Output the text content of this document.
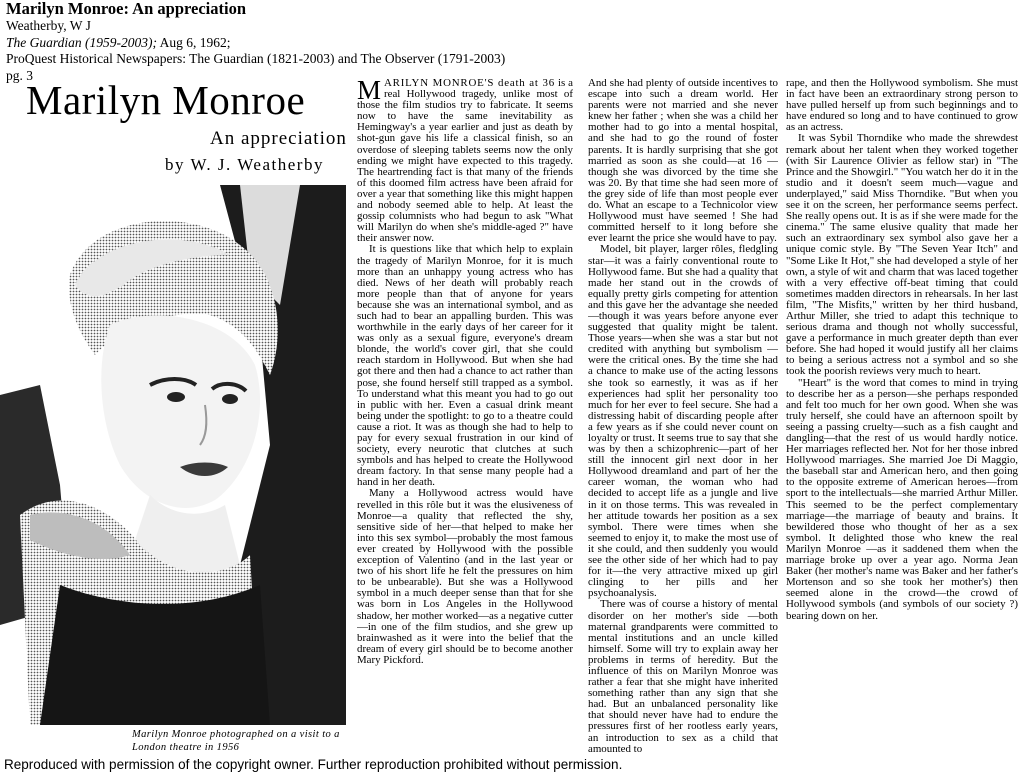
Marilyn Monroe: An appreciation
Weatherby, W J
The Guardian (1959-2003); Aug 6, 1962;
ProQuest Historical Newspapers: The Guardian (1821-2003) and The Observer (1791-2003)
pg. 3
Marilyn Monroe
An appreciation
by W. J. Weatherby
Marilyn Monroe photographed on a visit to a London theatre in 1956

MARILYN MONROE'S death at 36 is a real Hollywood tragedy, unlike most of those the film studios try to fabricate. It seems now to have the same inevitability as Hemingway's a year earlier and just as death by shot-gun gave his life a classical finish, so an overdose of sleeping tablets seems now the only ending we might have expected to this tragedy. The heartrending fact is that many of the friends of this doomed film actress have been afraid for over a year that something like this might happen and nobody seemed able to help. At least the gossip columnists who had begun to ask "What will Marilyn do when she's middle-aged ?" have their answer now.

It is questions like that which help to explain the tragedy of Marilyn Monroe, for it is much more than an unhappy young actress who has died. News of her death will probably reach more people than that of anyone for years because she was an international symbol, and as such had to bear an appalling burden. This was worthwhile in the early days of her career for it was only as a sexual figure, everyone's dream blonde, the world's cover girl, that she could reach stardom in Hollywood. But when she had got there and then had a chance to act rather than pose, she found herself still trapped as a symbol. To understand what this meant you had to go out in public with her. Even a casual drink meant being under the spotlight: to go to a theatre could cause a riot. It was as though she had to help to pay for every sexual frustration in our kind of society, every neurotic that clutches at such symbols and has helped to create the Hollywood dream factory. In that sense many people had a hand in her death.

Many a Hollywood actress would have revelled in this rôle but it was the elusiveness of Monroe—a quality that reflected the shy, sensitive side of her—that helped to make her into this sex symbol—probably the most famous ever created by Hollywood with the possible exception of Valentino (and in the last year or two of his short life he felt the pressures on him to be unbearable). But she was a Hollywood symbol in a much deeper sense than that for she was born in Los Angeles in the Hollywood shadow, her mother worked—as a negative cutter—in one of the film studios, and she grew up brainwashed as it were into the belief that the dream of every girl should be to become another Mary Pickford.

And she had plenty of outside incentives to escape into such a dream world. Her parents were not married and she never knew her father ; when she was a child her mother had to go into a mental hospital, and she had to go the round of foster parents. It is hardly surprising that she got married as soon as she could—at 16 —though she was divorced by the time she was 20. By that time she had seen more of the grey side of life than most people ever do. What an escape to a Technicolor view Hollywood must have seemed ! She had committed herself to it long before she ever learnt the price she would have to pay.

Model, bit player, larger rôles, fledgling star—it was a fairly conventional route to Hollywood fame. But she had a quality that made her stand out in the crowds of equally pretty girls competing for attention and this gave her the advantage she needed—though it was years before anyone ever suggested that quality might be talent. Those years—when she was a star but not credited with anything but symbolism —were the critical ones. By the time she had a chance to make use of the acting lessons she took so earnestly, it was as if her experiences had split her personality too much for her ever to feel secure. She had a distressing habit of discarding people after a few years as if she could never count on loyalty or trust. It seems true to say that she was by then a schizophrenic—part of her still the innocent girl next door in her Hollywood dreamland and part of her the career woman, the woman who had decided to accept life as a jungle and live in it on those terms. This was revealed in her attitude towards her position as a sex symbol. There were times when she seemed to enjoy it, to make the most use of it she could, and then suddenly you would see the other side of her which had to pay for it—the very attractive mixed up girl clinging to her pills and her psychoanalysis.

There was of course a history of mental disorder on her mother's side —both maternal grandparents were committed to mental institutions and an uncle killed himself. Some will try to explain away her problems in terms of heredity. But the influence of this on Marilyn Monroe was rather a fear that she might have inherited something rather than any sign that she had. But an unbalanced personality like that should never have had to endure the pressures first of her rootless early years, an introduction to sex as a child that amounted to

rape, and then the Hollywood symbolism. She must in fact have been an extraordinary strong person to have pulled herself up from such beginnings and to have endured so long and to have continued to grow as an actress.

It was Sybil Thorndike who made the shrewdest remark about her talent when they worked together (with Sir Laurence Olivier as fellow star) in "The Prince and the Showgirl." "You watch her do it in the studio and it doesn't seem much—vague and underplayed," said Miss Thorndike. "But when you see it on the screen, her performance seems perfect. She really opens out. It is as if she were made for the cinema." The same elusive quality that made her such an extraordinary sex symbol also gave her a unique comic style. By "The Seven Year Itch" and "Some Like It Hot," she had developed a style of her own, a style of wit and charm that was laced together with a very effective off-beat timing that could sometimes madden directors in rehearsals. In her last film, "The Misfits," written by her third husband, Arthur Miller, she tried to adapt this technique to serious drama and though not wholly successful, gave a performance in much greater depth than ever before. She had hoped it would justify all her claims to being a serious actress not a symbol and so she took the poorish reviews very much to heart.

"Heart" is the word that comes to mind in trying to describe her as a person—she perhaps responded and felt too much for her own good. When she was truly herself, she could have an afternoon spoilt by seeing a passing cruelty—such as a fish caught and dangling—that the rest of us would hardly notice. Her marriages reflected her. Not for her those inbred Hollywood marriages. She married Joe Di Maggio, the baseball star and American hero, and then going to the opposite extreme of American heroes—from sport to the intellectuals—she married Arthur Miller. This seemed to be the perfect complementary marriage—the marriage of beauty and brains. It bewildered those who thought of her as a sex symbol. It delighted those who knew the real Marilyn Monroe —as it saddened them when the marriage broke up over a year ago. Norma Jean Baker (her mother's name was Baker and her father's Mortenson and so she took her mother's) then seemed alone in the crowd—the crowd of Hollywood symbols (and symbols of our society ?) bearing down on her.

Reproduced with permission of the copyright owner. Further reproduction prohibited without permission.
